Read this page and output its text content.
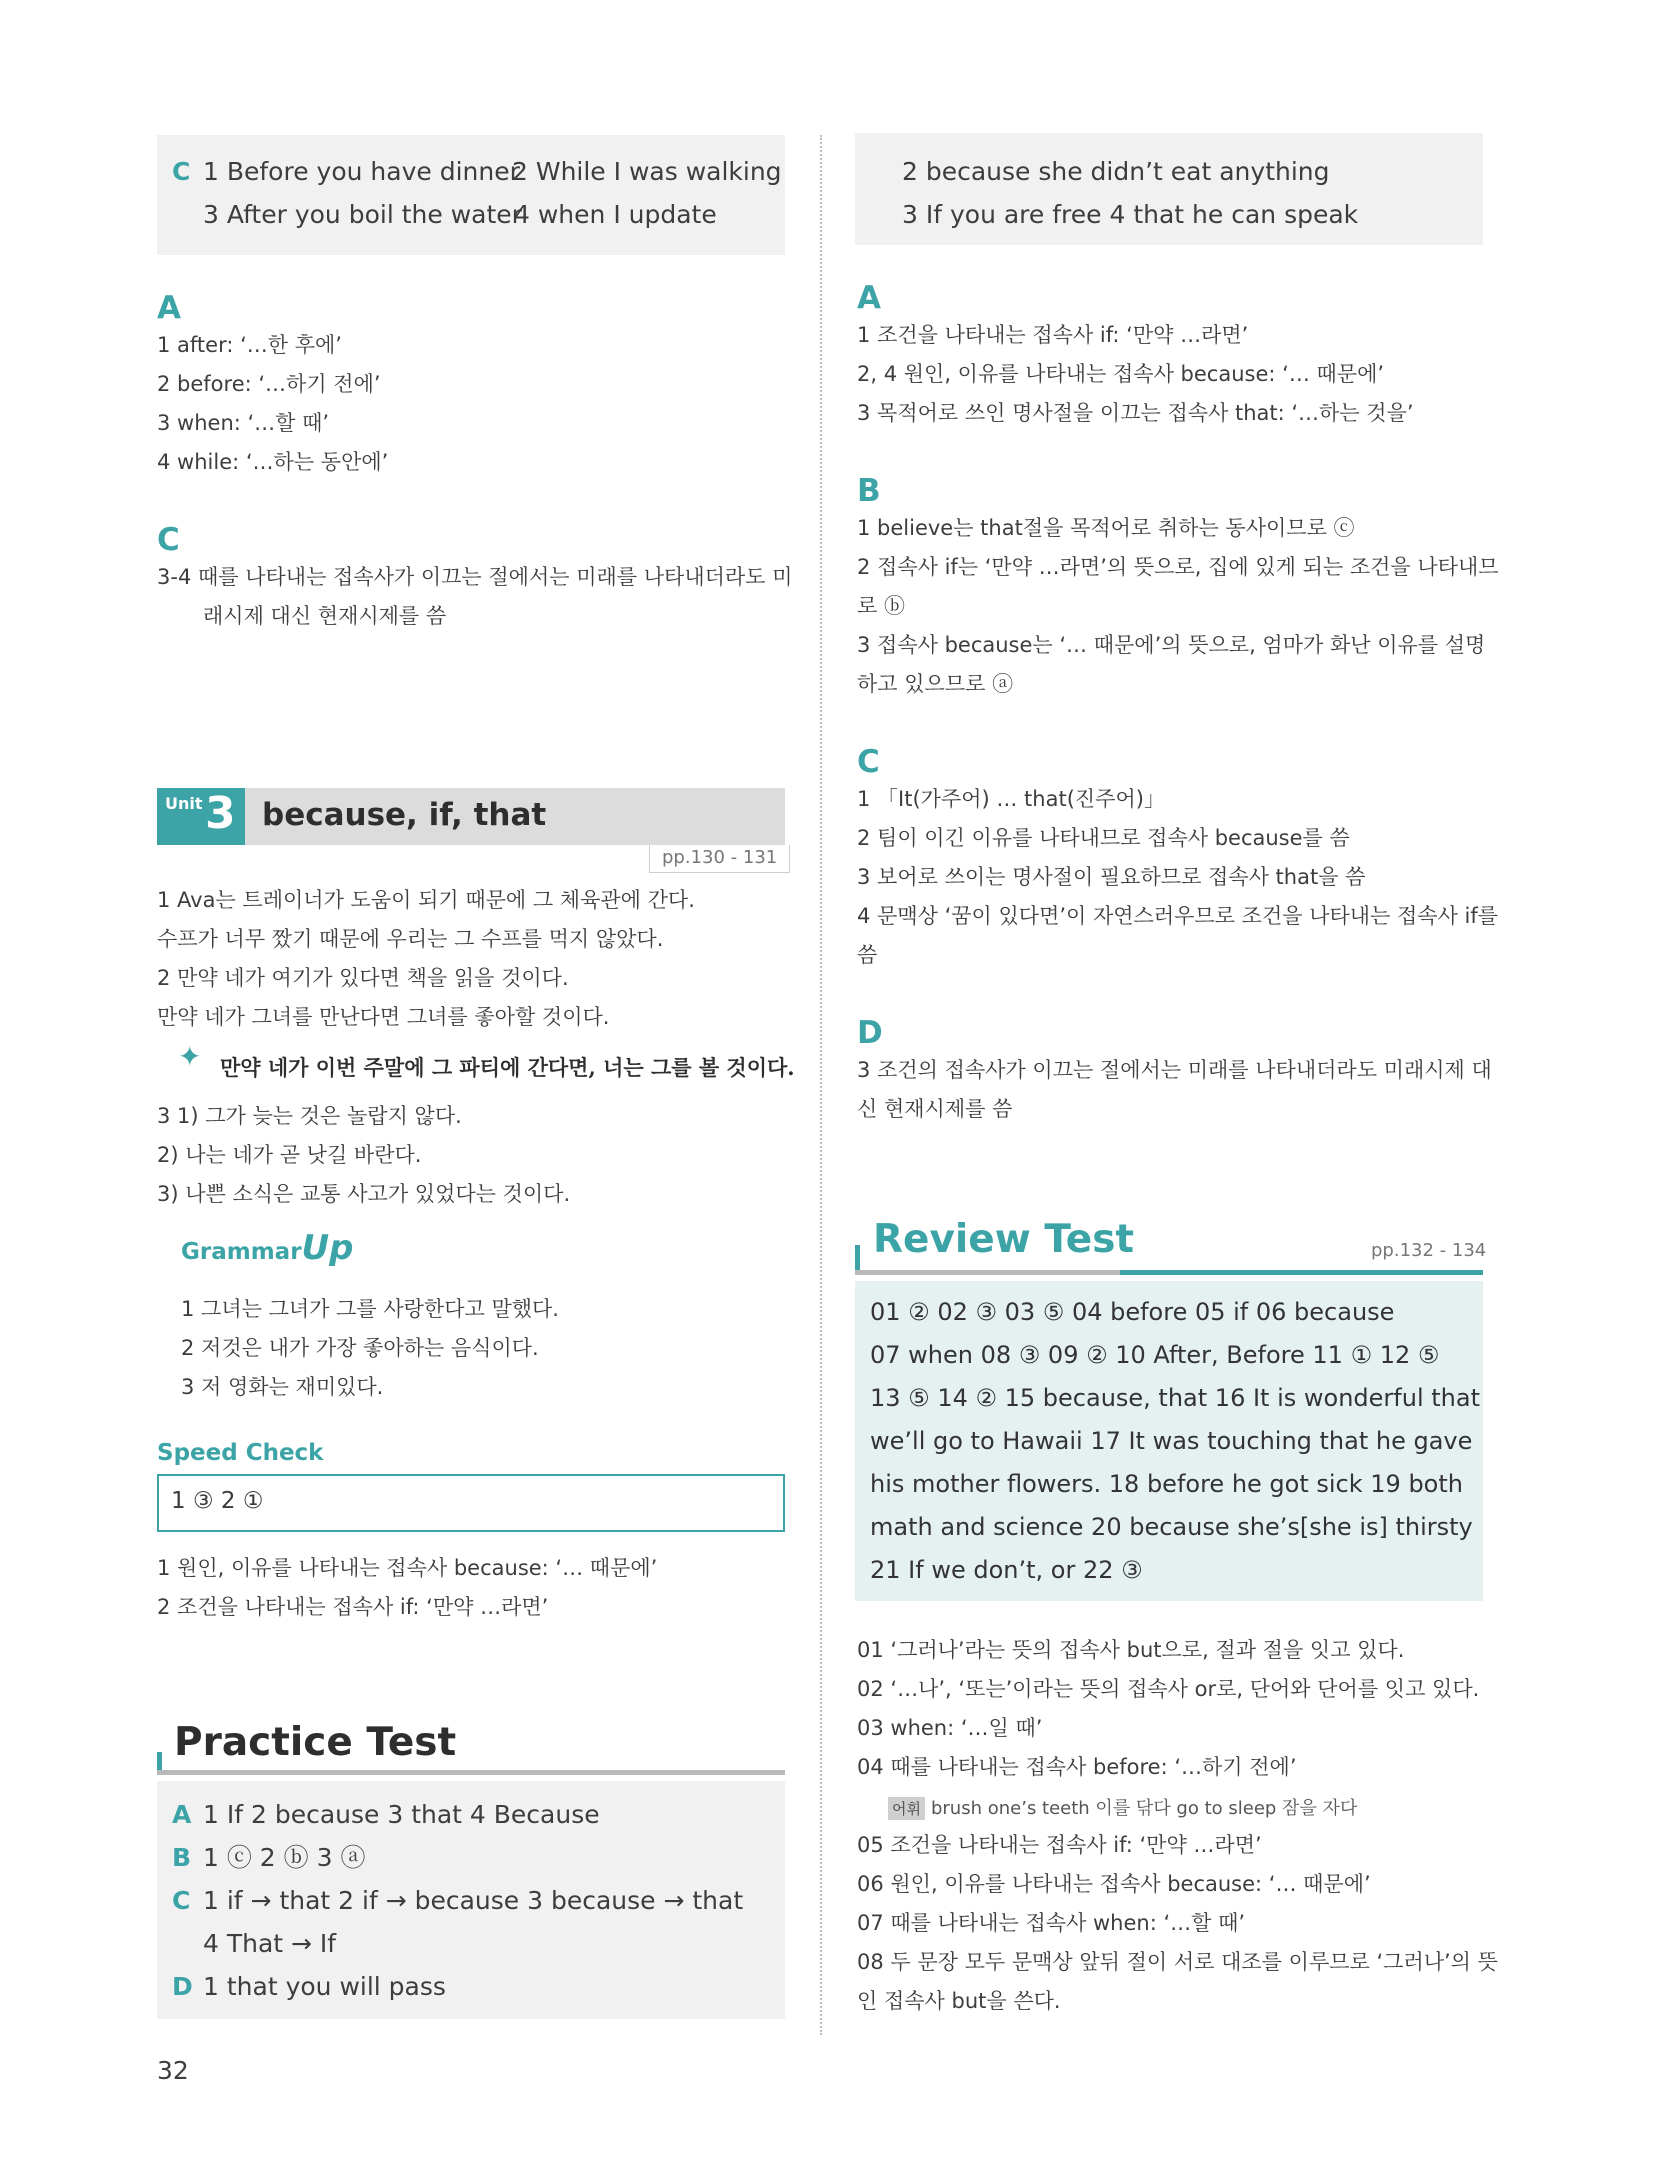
C 1 Before you have dinner
2 While I was walking
3 After you boil the water
4 when I update
A
1 after: ‘…한 후에’
2 before: ‘…하기 전에’
3 when: ‘…할 때’
4 while: ‘…하는 동안에’
C
3-4 때를 나타내는 접속사가 이끄는 절에서는 미래를 나타내더라도 미
래시제 대신 현재시제를 씀
Unit 3 because, if, that
pp.130 - 131
1 Ava는 트레이너가 도움이 되기 때문에 그 체육관에 간다.
수프가 너무 짰기 때문에 우리는 그 수프를 먹지 않았다.
2 만약 네가 여기가 있다면 책을 읽을 것이다.
만약 네가 그녀를 만난다면 그녀를 좋아할 것이다.
✦ 만약 네가 이번 주말에 그 파티에 간다면, 너는 그를 볼 것이다.
3 1) 그가 늦는 것은 놀랍지 않다.
2) 나는 네가 곧 낫길 바란다.
3) 나쁜 소식은 교통 사고가 있었다는 것이다.
GrammarUp
1 그녀는 그녀가 그를 사랑한다고 말했다.
2 저것은 내가 가장 좋아하는 음식이다.
3 저 영화는 재미있다.
Speed Check
1 ③ 2 ①
1 원인, 이유를 나타내는 접속사 because: ‘… 때문에’
2 조건을 나타내는 접속사 if: ‘만약 …라면’
Practice Test
A 1 If 2 because 3 that 4 Because
B 1 ⓒ 2 ⓑ 3 ⓐ
C 1 if → that 2 if → because 3 because → that
4 That → If
D 1 that you will pass
32
2 because she didn’t eat anything
3 If you are free 4 that he can speak
A
1 조건을 나타내는 접속사 if: ‘만약 …라면’
2, 4 원인, 이유를 나타내는 접속사 because: ‘… 때문에’
3 목적어로 쓰인 명사절을 이끄는 접속사 that: ‘…하는 것을’
B
1 believe는 that절을 목적어로 취하는 동사이므로 ⓒ
2 접속사 if는 ‘만약 …라면’의 뜻으로, 집에 있게 되는 조건을 나타내므
로 ⓑ
3 접속사 because는 ‘… 때문에’의 뜻으로, 엄마가 화난 이유를 설명
하고 있으므로 ⓐ
C
1 「It(가주어) … that(진주어)」
2 팀이 이긴 이유를 나타내므로 접속사 because를 씀
3 보어로 쓰이는 명사절이 필요하므로 접속사 that을 씀
4 문맥상 ‘꿈이 있다면’이 자연스러우므로 조건을 나타내는 접속사 if를
씀
D
3 조건의 접속사가 이끄는 절에서는 미래를 나타내더라도 미래시제 대
신 현재시제를 씀
Review Test	pp.132 - 134
01 ② 02 ③ 03 ⑤ 04 before 05 if 06 because
07 when 08 ③ 09 ② 10 After, Before 11 ① 12 ⑤
13 ⑤ 14 ② 15 because, that 16 It is wonderful that
we’ll go to Hawaii 17 It was touching that he gave
his mother flowers. 18 before he got sick 19 both
math and science 20 because she’s[she is] thirsty
21 If we don’t, or 22 ③
01 ‘그러나’라는 뜻의 접속사 but으로, 절과 절을 잇고 있다.
02 ‘…나’, ‘또는’이라는 뜻의 접속사 or로, 단어와 단어를 잇고 있다.
03 when: ‘…일 때’
04 때를 나타내는 접속사 before: ‘…하기 전에’
어휘 brush one’s teeth 이를 닦다 go to sleep 잠을 자다
05 조건을 나타내는 접속사 if: ‘만약 …라면’
06 원인, 이유를 나타내는 접속사 because: ‘… 때문에’
07 때를 나타내는 접속사 when: ‘…할 때’
08 두 문장 모두 문맥상 앞뒤 절이 서로 대조를 이루므로 ‘그러나’의 뜻
인 접속사 but을 쓴다.
